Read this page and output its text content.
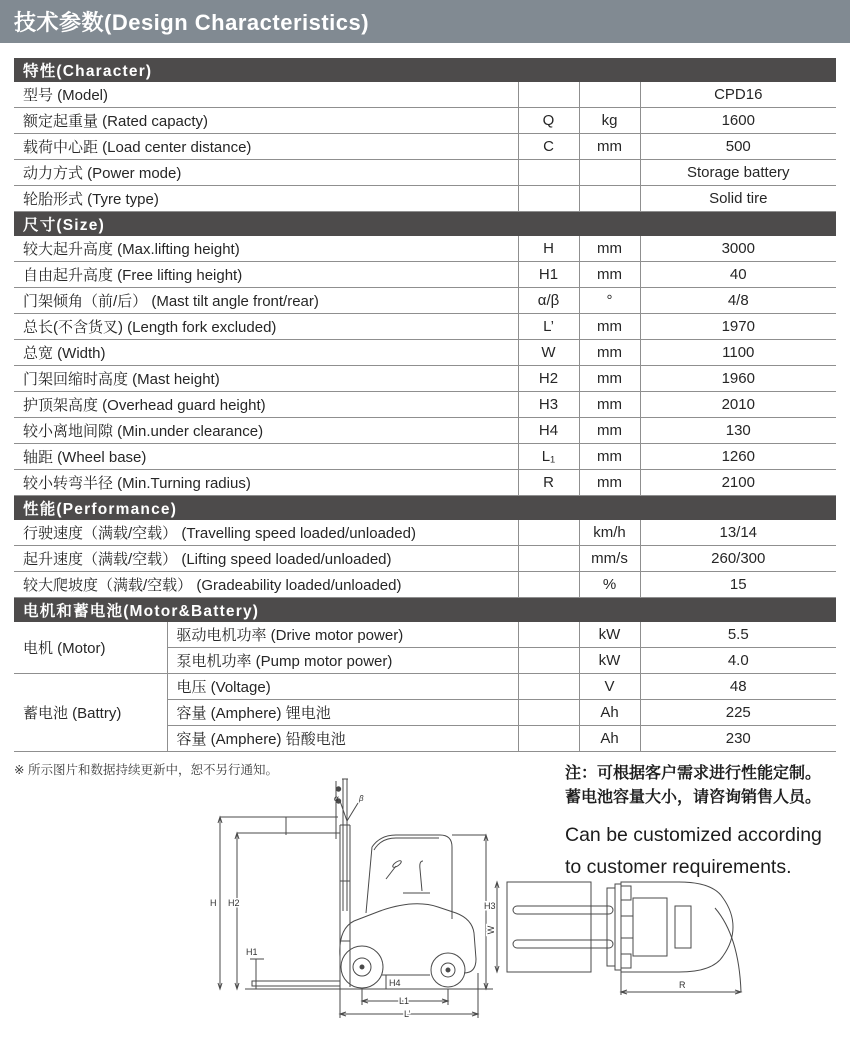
技术参数(Design Characteristics)
特性(Character)				
型号 (Model)				CPD16
额定起重量 (Rated capacty)		Q	kg	1600
载荷中心距 (Load center distance)		C	mm	500
动力方式 (Power mode)				Storage battery
轮胎形式 (Tyre type)				Solid tire
尺寸(Size)				
较大起升高度 (Max.lifting height)		H	mm	3000
自由起升高度 (Free lifting height)		H1	mm	40
门架倾角（前/后） (Mast tilt angle front/rear)		α/β	°	4/8
总长(不含货叉) (Length fork excluded)		L’	mm	1970
总宽 (Width)		W	mm	1100
门架回缩时高度 (Mast height)		H2	mm	1960
护顶架高度 (Overhead guard height)		H3	mm	2010
较小离地间隙 (Min.under clearance)		H4	mm	130
轴距 (Wheel base)		L₁	mm	1260
较小转弯半径 (Min.Turning radius)		R	mm	2100
性能(Performance)				
行驶速度（满载/空载） (Travelling speed loaded/unloaded)			km/h	13/14
起升速度（满载/空载） (Lifting speed loaded/unloaded)			mm/s	260/300
较大爬坡度（满载/空载） (Gradeability loaded/unloaded)			%	15
电机和蓄电池(Motor&Battery)				
电机 (Motor)	驱动电机功率 (Drive motor power)		kW	5.5
	泵电机功率 (Pump motor power)		kW	4.0
蓄电池 (Battry)	电压 (Voltage)		V	48
	容量 (Amphere) 锂电池		Ah	225
	容量 (Amphere) 铅酸电池		Ah	230
※ 所示图片和数据持续更新中，恕不另行通知。
H H2
H1
H3
H4
L1
L’
α	β
注：可根据客户需求进行性能定制。
蓄电池容量大小，请咨询销售人员。
Can be customized according
to customer requirements.
W
R
